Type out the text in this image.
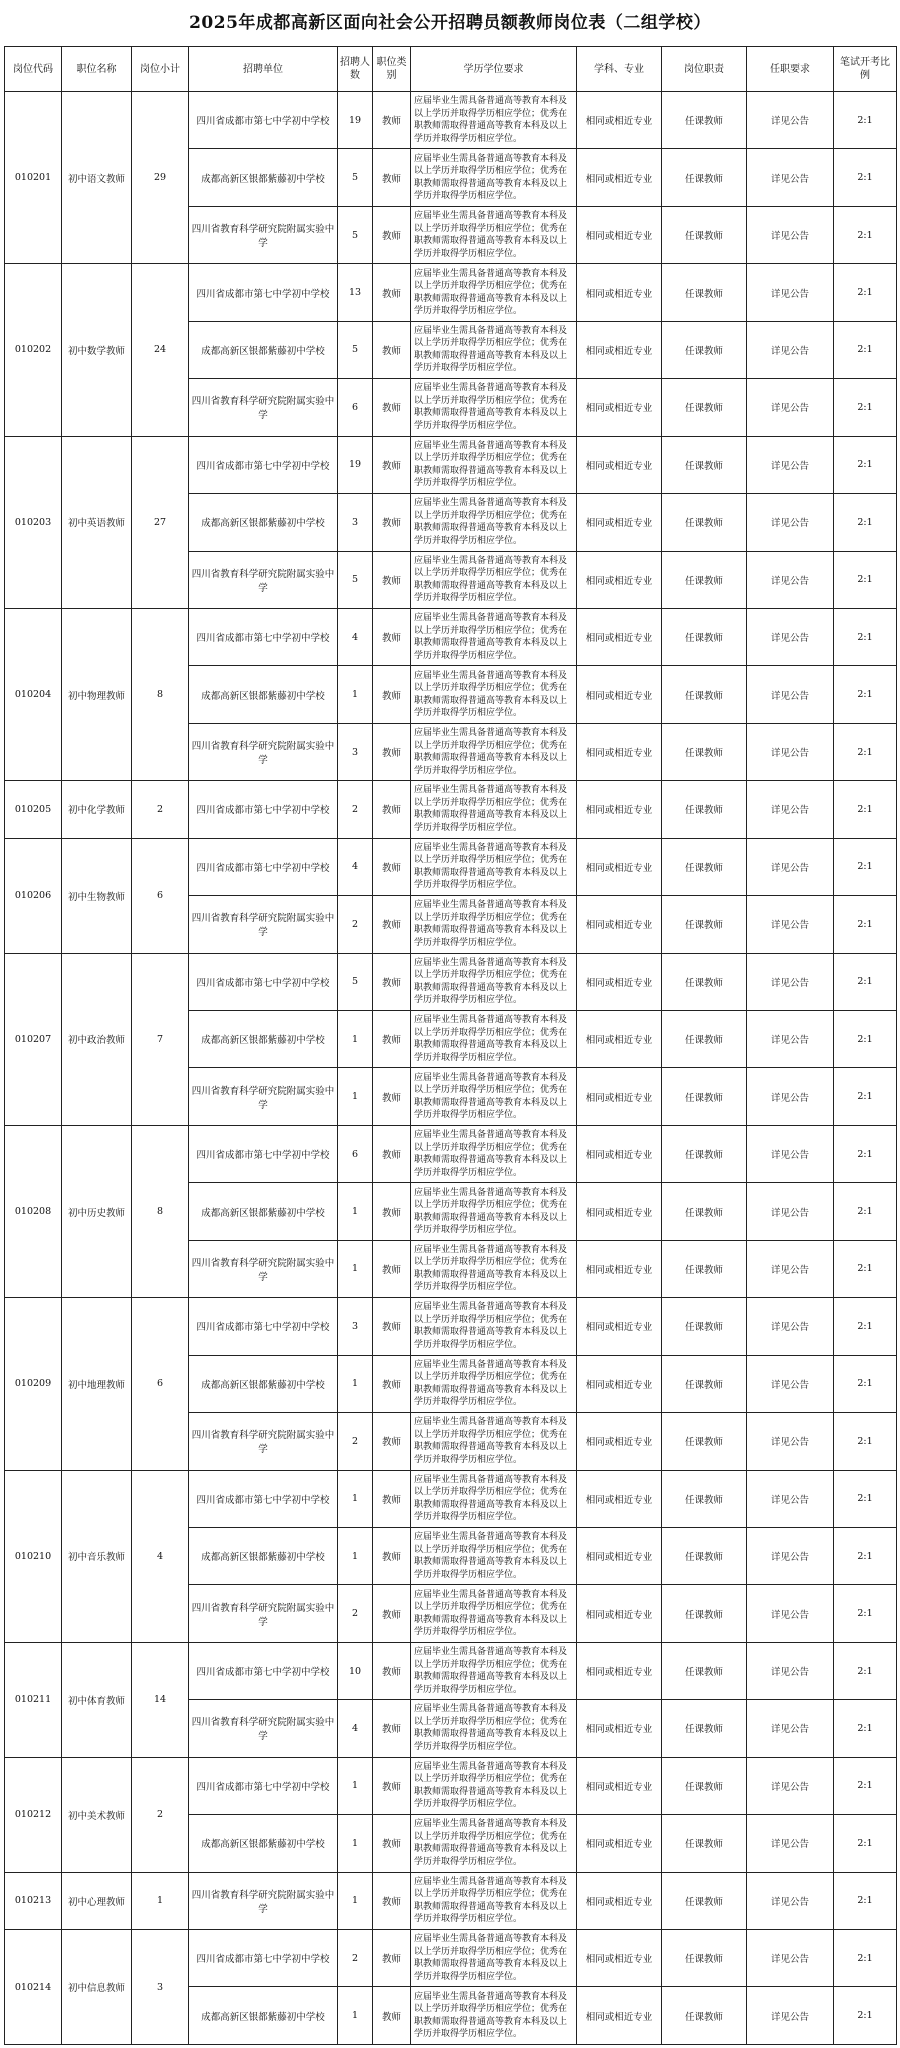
2025年成都高新区面向社会公开招聘员额教师岗位表（二组学校）
岗位代码	职位名称	岗位小计	招聘单位	招聘人数	职位类别	学历学位要求	学科、专业	岗位职责	任职要求	笔试开考比例
010201	初中语文教师	29	四川省成都市第七中学初中学校	19	教师	应届毕业生需具备普通高等教育本科及以上学历并取得学历相应学位；优秀在职教师需取得普通高等教育本科及以上学历并取得学历相应学位。	相同或相近专业	任课教师	详见公告	2:1
			成都高新区银都紫藤初中学校	5	教师	应届毕业生需具备普通高等教育本科及以上学历并取得学历相应学位；优秀在职教师需取得普通高等教育本科及以上学历并取得学历相应学位。	相同或相近专业	任课教师	详见公告	2:1
			四川省教育科学研究院附属实验中学	5	教师	应届毕业生需具备普通高等教育本科及以上学历并取得学历相应学位；优秀在职教师需取得普通高等教育本科及以上学历并取得学历相应学位。	相同或相近专业	任课教师	详见公告	2:1
010202	初中数学教师	24	四川省成都市第七中学初中学校	13	教师	应届毕业生需具备普通高等教育本科及以上学历并取得学历相应学位；优秀在职教师需取得普通高等教育本科及以上学历并取得学历相应学位。	相同或相近专业	任课教师	详见公告	2:1
			成都高新区银都紫藤初中学校	5	教师	应届毕业生需具备普通高等教育本科及以上学历并取得学历相应学位；优秀在职教师需取得普通高等教育本科及以上学历并取得学历相应学位。	相同或相近专业	任课教师	详见公告	2:1
			四川省教育科学研究院附属实验中学	6	教师	应届毕业生需具备普通高等教育本科及以上学历并取得学历相应学位；优秀在职教师需取得普通高等教育本科及以上学历并取得学历相应学位。	相同或相近专业	任课教师	详见公告	2:1
010203	初中英语教师	27	四川省成都市第七中学初中学校	19	教师	应届毕业生需具备普通高等教育本科及以上学历并取得学历相应学位；优秀在职教师需取得普通高等教育本科及以上学历并取得学历相应学位。	相同或相近专业	任课教师	详见公告	2:1
			成都高新区银都紫藤初中学校	3	教师	应届毕业生需具备普通高等教育本科及以上学历并取得学历相应学位；优秀在职教师需取得普通高等教育本科及以上学历并取得学历相应学位。	相同或相近专业	任课教师	详见公告	2:1
			四川省教育科学研究院附属实验中学	5	教师	应届毕业生需具备普通高等教育本科及以上学历并取得学历相应学位；优秀在职教师需取得普通高等教育本科及以上学历并取得学历相应学位。	相同或相近专业	任课教师	详见公告	2:1
010204	初中物理教师	8	四川省成都市第七中学初中学校	4	教师	应届毕业生需具备普通高等教育本科及以上学历并取得学历相应学位；优秀在职教师需取得普通高等教育本科及以上学历并取得学历相应学位。	相同或相近专业	任课教师	详见公告	2:1
			成都高新区银都紫藤初中学校	1	教师	应届毕业生需具备普通高等教育本科及以上学历并取得学历相应学位；优秀在职教师需取得普通高等教育本科及以上学历并取得学历相应学位。	相同或相近专业	任课教师	详见公告	2:1
			四川省教育科学研究院附属实验中学	3	教师	应届毕业生需具备普通高等教育本科及以上学历并取得学历相应学位；优秀在职教师需取得普通高等教育本科及以上学历并取得学历相应学位。	相同或相近专业	任课教师	详见公告	2:1
010205	初中化学教师	2	四川省成都市第七中学初中学校	2	教师	应届毕业生需具备普通高等教育本科及以上学历并取得学历相应学位；优秀在职教师需取得普通高等教育本科及以上学历并取得学历相应学位。	相同或相近专业	任课教师	详见公告	2:1
010206	初中生物教师	6	四川省成都市第七中学初中学校	4	教师	应届毕业生需具备普通高等教育本科及以上学历并取得学历相应学位；优秀在职教师需取得普通高等教育本科及以上学历并取得学历相应学位。	相同或相近专业	任课教师	详见公告	2:1
			四川省教育科学研究院附属实验中学	2	教师	应届毕业生需具备普通高等教育本科及以上学历并取得学历相应学位；优秀在职教师需取得普通高等教育本科及以上学历并取得学历相应学位。	相同或相近专业	任课教师	详见公告	2:1
010207	初中政治教师	7	四川省成都市第七中学初中学校	5	教师	应届毕业生需具备普通高等教育本科及以上学历并取得学历相应学位；优秀在职教师需取得普通高等教育本科及以上学历并取得学历相应学位。	相同或相近专业	任课教师	详见公告	2:1
			成都高新区银都紫藤初中学校	1	教师	应届毕业生需具备普通高等教育本科及以上学历并取得学历相应学位；优秀在职教师需取得普通高等教育本科及以上学历并取得学历相应学位。	相同或相近专业	任课教师	详见公告	2:1
			四川省教育科学研究院附属实验中学	1	教师	应届毕业生需具备普通高等教育本科及以上学历并取得学历相应学位；优秀在职教师需取得普通高等教育本科及以上学历并取得学历相应学位。	相同或相近专业	任课教师	详见公告	2:1
010208	初中历史教师	8	四川省成都市第七中学初中学校	6	教师	应届毕业生需具备普通高等教育本科及以上学历并取得学历相应学位；优秀在职教师需取得普通高等教育本科及以上学历并取得学历相应学位。	相同或相近专业	任课教师	详见公告	2:1
			成都高新区银都紫藤初中学校	1	教师	应届毕业生需具备普通高等教育本科及以上学历并取得学历相应学位；优秀在职教师需取得普通高等教育本科及以上学历并取得学历相应学位。	相同或相近专业	任课教师	详见公告	2:1
			四川省教育科学研究院附属实验中学	1	教师	应届毕业生需具备普通高等教育本科及以上学历并取得学历相应学位；优秀在职教师需取得普通高等教育本科及以上学历并取得学历相应学位。	相同或相近专业	任课教师	详见公告	2:1
010209	初中地理教师	6	四川省成都市第七中学初中学校	3	教师	应届毕业生需具备普通高等教育本科及以上学历并取得学历相应学位；优秀在职教师需取得普通高等教育本科及以上学历并取得学历相应学位。	相同或相近专业	任课教师	详见公告	2:1
			成都高新区银都紫藤初中学校	1	教师	应届毕业生需具备普通高等教育本科及以上学历并取得学历相应学位；优秀在职教师需取得普通高等教育本科及以上学历并取得学历相应学位。	相同或相近专业	任课教师	详见公告	2:1
			四川省教育科学研究院附属实验中学	2	教师	应届毕业生需具备普通高等教育本科及以上学历并取得学历相应学位；优秀在职教师需取得普通高等教育本科及以上学历并取得学历相应学位。	相同或相近专业	任课教师	详见公告	2:1
010210	初中音乐教师	4	四川省成都市第七中学初中学校	1	教师	应届毕业生需具备普通高等教育本科及以上学历并取得学历相应学位；优秀在职教师需取得普通高等教育本科及以上学历并取得学历相应学位。	相同或相近专业	任课教师	详见公告	2:1
			成都高新区银都紫藤初中学校	1	教师	应届毕业生需具备普通高等教育本科及以上学历并取得学历相应学位；优秀在职教师需取得普通高等教育本科及以上学历并取得学历相应学位。	相同或相近专业	任课教师	详见公告	2:1
			四川省教育科学研究院附属实验中学	2	教师	应届毕业生需具备普通高等教育本科及以上学历并取得学历相应学位；优秀在职教师需取得普通高等教育本科及以上学历并取得学历相应学位。	相同或相近专业	任课教师	详见公告	2:1
010211	初中体育教师	14	四川省成都市第七中学初中学校	10	教师	应届毕业生需具备普通高等教育本科及以上学历并取得学历相应学位；优秀在职教师需取得普通高等教育本科及以上学历并取得学历相应学位。	相同或相近专业	任课教师	详见公告	2:1
			四川省教育科学研究院附属实验中学	4	教师	应届毕业生需具备普通高等教育本科及以上学历并取得学历相应学位；优秀在职教师需取得普通高等教育本科及以上学历并取得学历相应学位。	相同或相近专业	任课教师	详见公告	2:1
010212	初中美术教师	2	四川省成都市第七中学初中学校	1	教师	应届毕业生需具备普通高等教育本科及以上学历并取得学历相应学位；优秀在职教师需取得普通高等教育本科及以上学历并取得学历相应学位。	相同或相近专业	任课教师	详见公告	2:1
			成都高新区银都紫藤初中学校	1	教师	应届毕业生需具备普通高等教育本科及以上学历并取得学历相应学位；优秀在职教师需取得普通高等教育本科及以上学历并取得学历相应学位。	相同或相近专业	任课教师	详见公告	2:1
010213	初中心理教师	1	四川省教育科学研究院附属实验中学	1	教师	应届毕业生需具备普通高等教育本科及以上学历并取得学历相应学位；优秀在职教师需取得普通高等教育本科及以上学历并取得学历相应学位。	相同或相近专业	任课教师	详见公告	2:1
010214	初中信息教师	3	四川省成都市第七中学初中学校	2	教师	应届毕业生需具备普通高等教育本科及以上学历并取得学历相应学位；优秀在职教师需取得普通高等教育本科及以上学历并取得学历相应学位。	相同或相近专业	任课教师	详见公告	2:1
			成都高新区银都紫藤初中学校	1	教师	应届毕业生需具备普通高等教育本科及以上学历并取得学历相应学位；优秀在职教师需取得普通高等教育本科及以上学历并取得学历相应学位。	相同或相近专业	任课教师	详见公告	2:1
